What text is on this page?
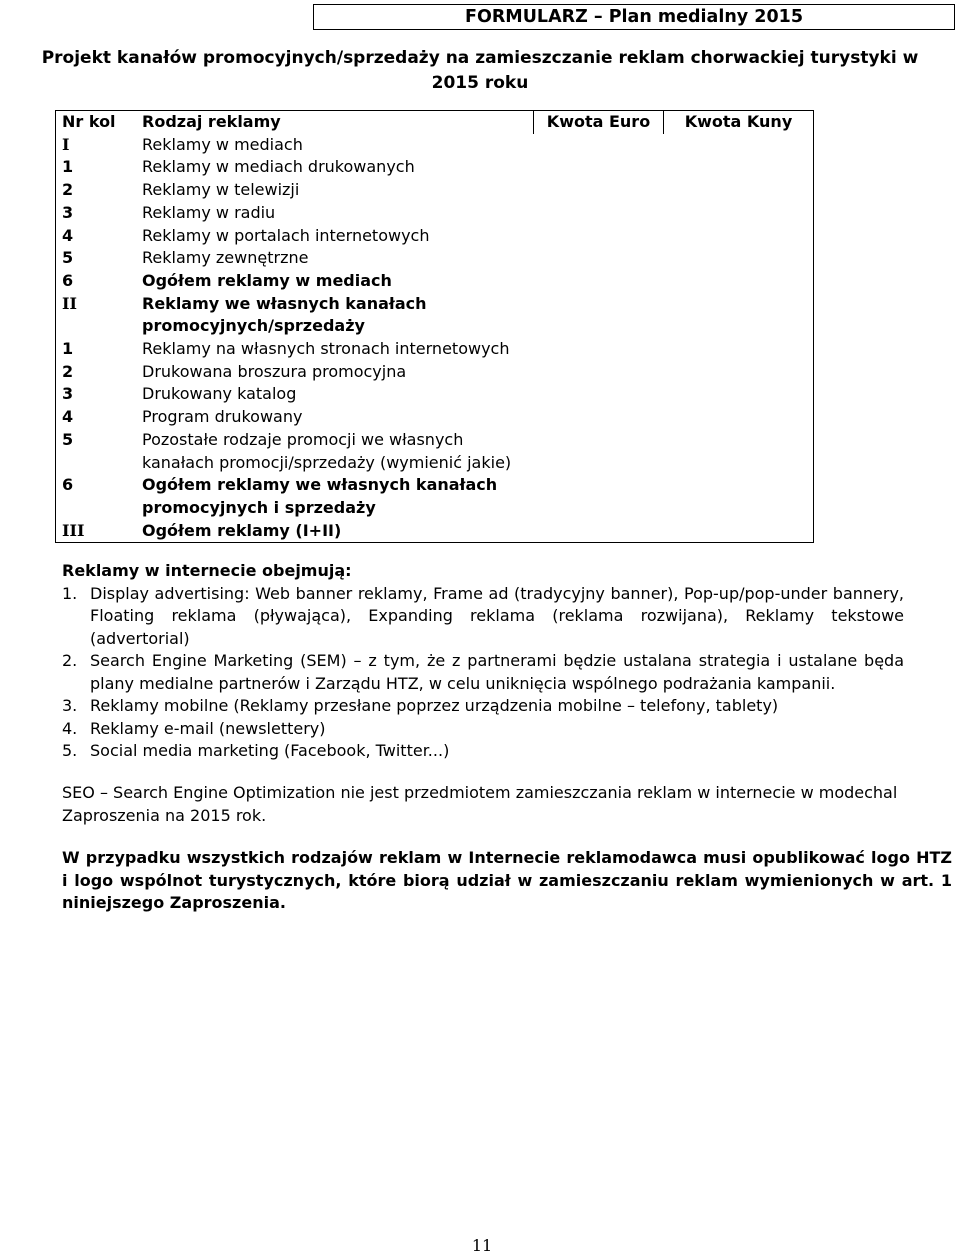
FORMULARZ – Plan medialny 2015
Projekt kanałów promocyjnych/sprzedaży na zamieszczanie reklam chorwackiej turystyki w 2015 roku
Nr kol	Rodzaj reklamy	Kwota Euro	Kwota Kuny
I	Reklamy w mediach
1	Reklamy w mediach drukowanych
2	Reklamy w telewizji
3	Reklamy w radiu
4	Reklamy w portalach internetowych
5	Reklamy zewnętrzne
6	Ogółem reklamy w mediach
II	Reklamy we własnych kanałach
promocyjnych/sprzedaży
1	Reklamy na własnych stronach internetowych
2	Drukowana broszura promocyjna
3	Drukowany katalog
4	Program drukowany
5	Pozostałe rodzaje promocji we własnych
kanałach promocji/sprzedaży (wymienić jakie)
6	Ogółem reklamy we własnych kanałach
promocyjnych i sprzedaży
III	Ogółem reklamy (I+II)
Reklamy w internecie obejmują:
1. Display advertising: Web banner reklamy, Frame ad (tradycyjny banner), Pop-up/pop-under bannery, Floating reklama (pływająca), Expanding reklama (reklama rozwijana), Reklamy tekstowe (advertorial)
2. Search Engine Marketing (SEM) – z tym, że z partnerami będzie ustalana strategia i ustalane będa plany medialne partnerów i Zarządu HTZ, w celu uniknięcia wspólnego podrażania kampanii.
3. Reklamy mobilne (Reklamy przesłane poprzez urządzenia mobilne – telefony, tablety)
4. Reklamy e-mail (newslettery)
5. Social media marketing (Facebook, Twitter...)
SEO – Search Engine Optimization nie jest przedmiotem zamieszczania reklam w internecie w modechal Zaproszenia na 2015 rok.
W przypadku wszystkich rodzajów reklam w Internecie reklamodawca musi opublikować logo HTZ i logo wspólnot turystycznych, które biorą udział w zamieszczaniu reklam wymienionych w art. 1 niniejszego Zaproszenia.
11
